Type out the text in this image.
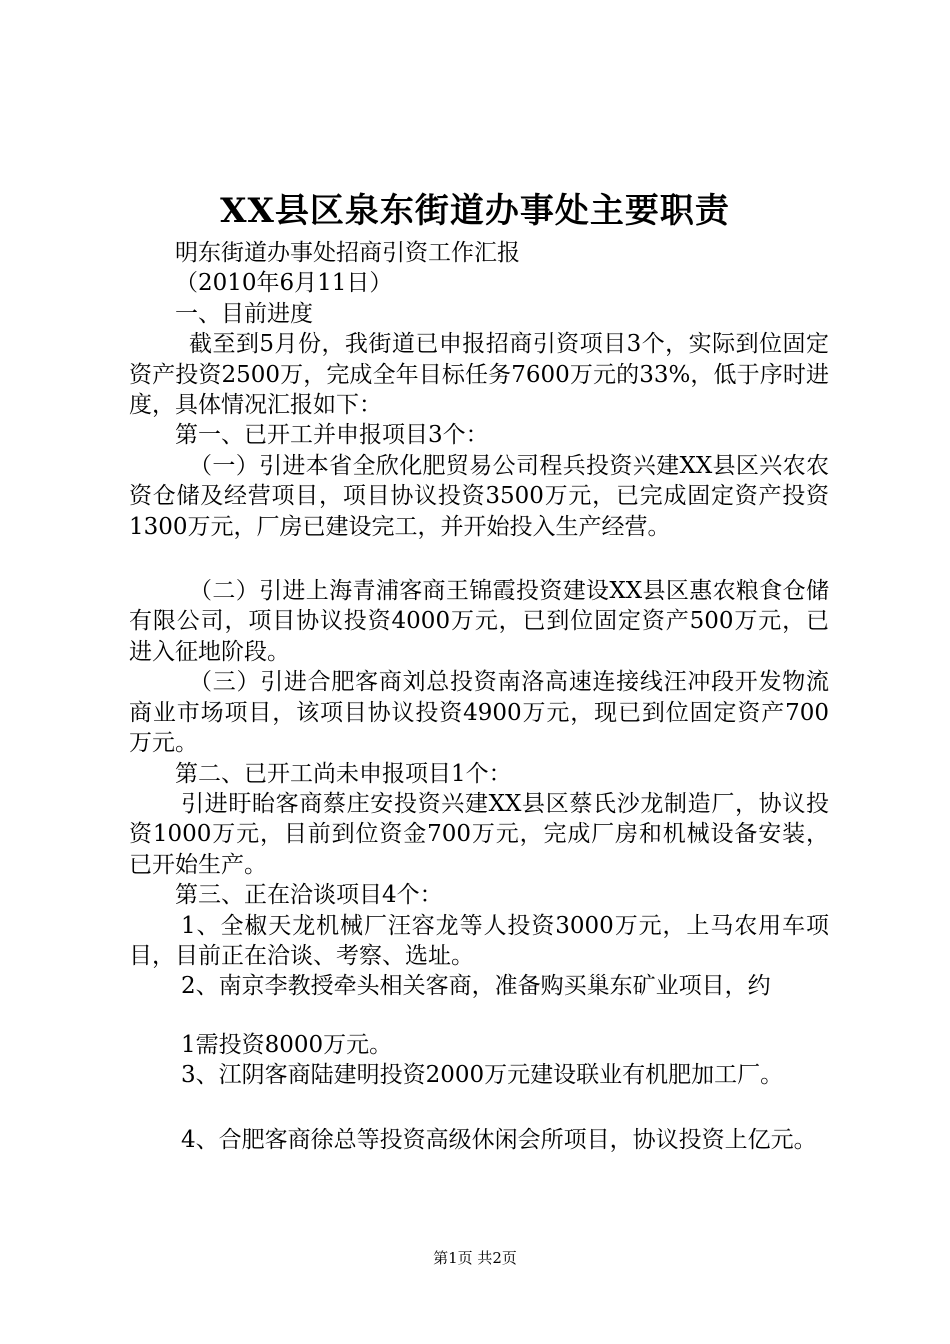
XX县区泉东街道办事处主要职责

明东街道办事处招商引资工作汇报

（2010年6月11日）

一、目前进度

截至到5月份，我街道已申报招商引资项目3个，实际到位固定资产投资2500万，完成全年目标任务7600万元的33%，低于序时进度，具体情况汇报如下：

第一、已开工并申报项目3个：

（一）引进本省全欣化肥贸易公司程兵投资兴建XX县区兴农农资仓储及经营项目，项目协议投资3500万元，已完成固定资产投资1300万元，厂房已建设完工，并开始投入生产经营。

（二）引进上海青浦客商王锦霞投资建设XX县区惠农粮食仓储有限公司，项目协议投资4000万元，已到位固定资产500万元，已进入征地阶段。

（三）引进合肥客商刘总投资南洛高速连接线汪冲段开发物流商业市场项目，该项目协议投资4900万元，现已到位固定资产700万元。

第二、已开工尚未申报项目1个：

引进盱眙客商蔡庄安投资兴建XX县区蔡氏沙龙制造厂，协议投资1000万元，目前到位资金700万元，完成厂房和机械设备安装，已开始生产。

第三、正在洽谈项目4个：

1、全椒天龙机械厂汪容龙等人投资3000万元，上马农用车项目，目前正在洽谈、考察、选址。

2、南京李教授牵头相关客商，准备购买巢东矿业项目，约

1需投资8000万元。

3、江阴客商陆建明投资2000万元建设联业有机肥加工厂。

4、合肥客商徐总等投资高级休闲会所项目，协议投资上亿元。

第1页 共2页
